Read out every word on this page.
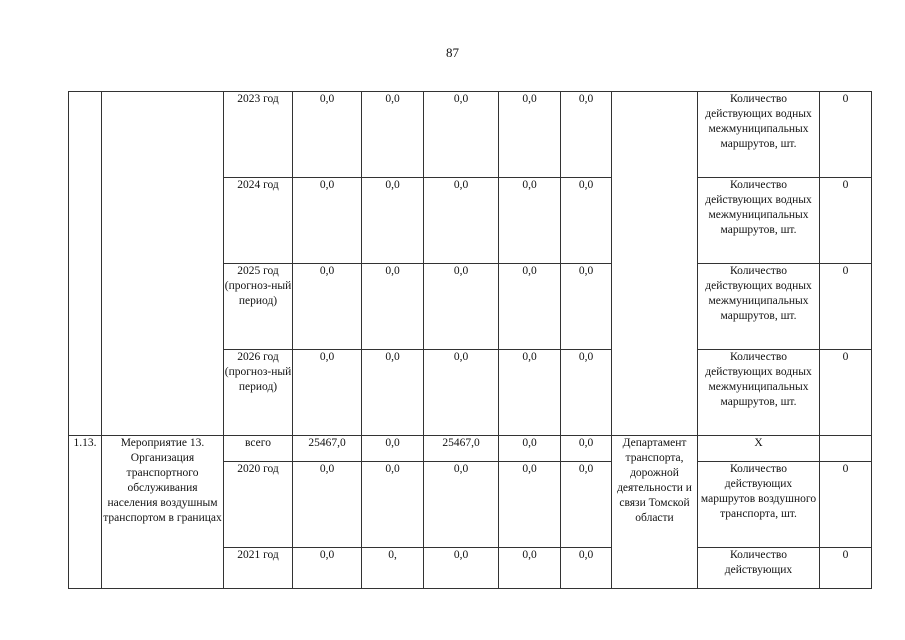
87
		2023 год	0,0	0,0	0,0	0,0	0,0		Количество действующих водных межмуниципальных маршрутов, шт.	0
		2024 год	0,0	0,0	0,0	0,0	0,0		Количество действующих водных межмуниципальных маршрутов, шт.	0
		2025 год (прогноз-ный период)	0,0	0,0	0,0	0,0	0,0		Количество действующих водных межмуниципальных маршрутов, шт.	0
		2026 год (прогноз-ный период)	0,0	0,0	0,0	0,0	0,0		Количество действующих водных межмуниципальных маршрутов, шт.	0
1.13.	Мероприятие 13. Организация транспортного обслуживания населения воздушным транспортом в границах	всего	25467,0	0,0	25467,0	0,0	0,0	Департамент транспорта, дорожной деятельности и связи Томской области	X	
		2020 год	0,0	0,0	0,0	0,0	0,0		Количество действующих маршрутов воздушного транспорта, шт.	0
		2021 год	0,0	0,	0,0	0,0	0,0		Количество действующих	0
